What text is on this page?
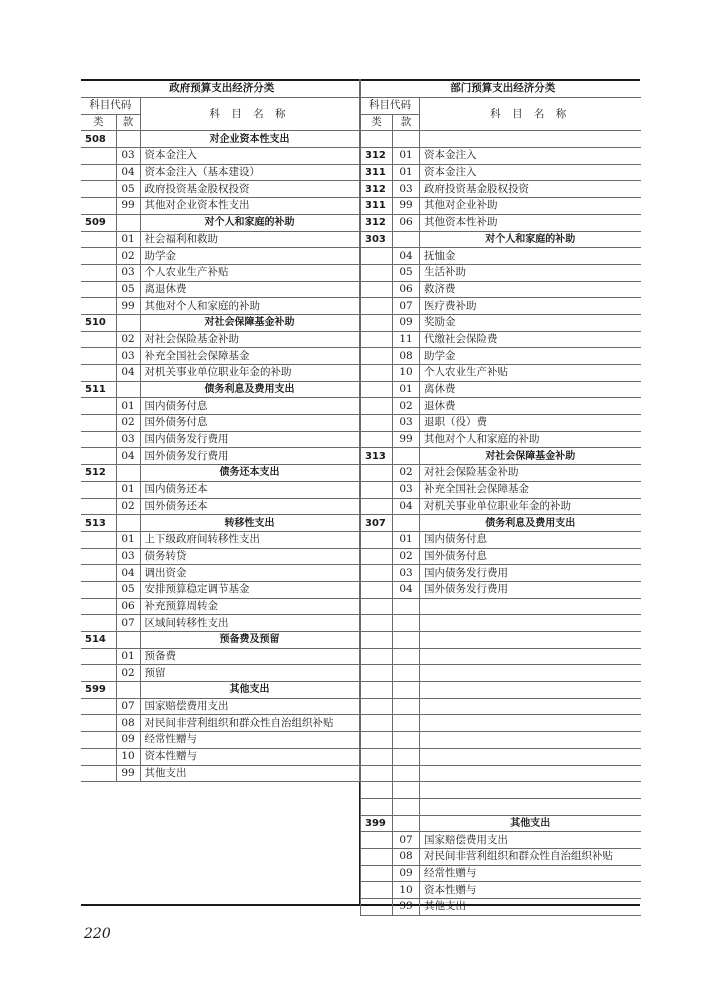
政府预算支出经济分类		
科目代码		科 目 名 称
类	款	
508		对企业资本性支出
	03	资本金注入
	04	资本金注入（基本建设）
	05	政府投资基金股权投资
	99	其他对企业资本性支出

509		对个人和家庭的补助
	01	社会福利和救助

	02	助学金
	03	个人农业生产补贴
	05	离退休费

	99	其他对个人和家庭的补助
510		对社会保障基金补助
	02	对社会保险基金补助
	03	补充全国社会保障基金
	04	对机关事业单位职业年金的补助
511		债务利息及费用支出
	01	国内债务付息
	02	国外债务付息
	03	国内债务发行费用
	04	国外债务发行费用
512		债务还本支出
	01	国内债务还本
	02	国外债务还本
513		转移性支出
	01	上下级政府间转移性支出
	03	债务转贷
	04	调出资金
	05	安排预算稳定调节基金
	06	补充预算周转金
	07	区域间转移性支出
514		预备费及预留
	01	预备费
	02	预留
599		其他支出
	07	国家赔偿费用支出
	08	对民间非营利组织和群众性自治组织补贴
	09	经常性赠与
	10	资本性赠与
	99	其他支出
部门预算支出经济分类		
科目代码		科 目 名 称
类	款	

312	01	资本金注入
311	01	资本金注入
312	03	政府投资基金股权投资
311	99	其他对企业补助
312	06	其他资本性补助
303		对个人和家庭的补助
	04	抚恤金
	05	生活补助
	06	救济费
	07	医疗费补助
	09	奖励金
	11	代缴社会保险费
	08	助学金
	10	个人农业生产补贴
	01	离休费
	02	退休费
	03	退职（役）费
	99	其他对个人和家庭的补助
313		对社会保障基金补助
	02	对社会保险基金补助
	03	补充全国社会保障基金
	04	对机关事业单位职业年金的补助
307		债务利息及费用支出
	01	国内债务付息
	02	国外债务付息
	03	国内债务发行费用
	04	国外债务发行费用

399		其他支出
	07	国家赔偿费用支出
	08	对民间非营利组织和群众性自治组织补贴
	09	经常性赠与
	10	资本性赠与
	99	其他支出
220
